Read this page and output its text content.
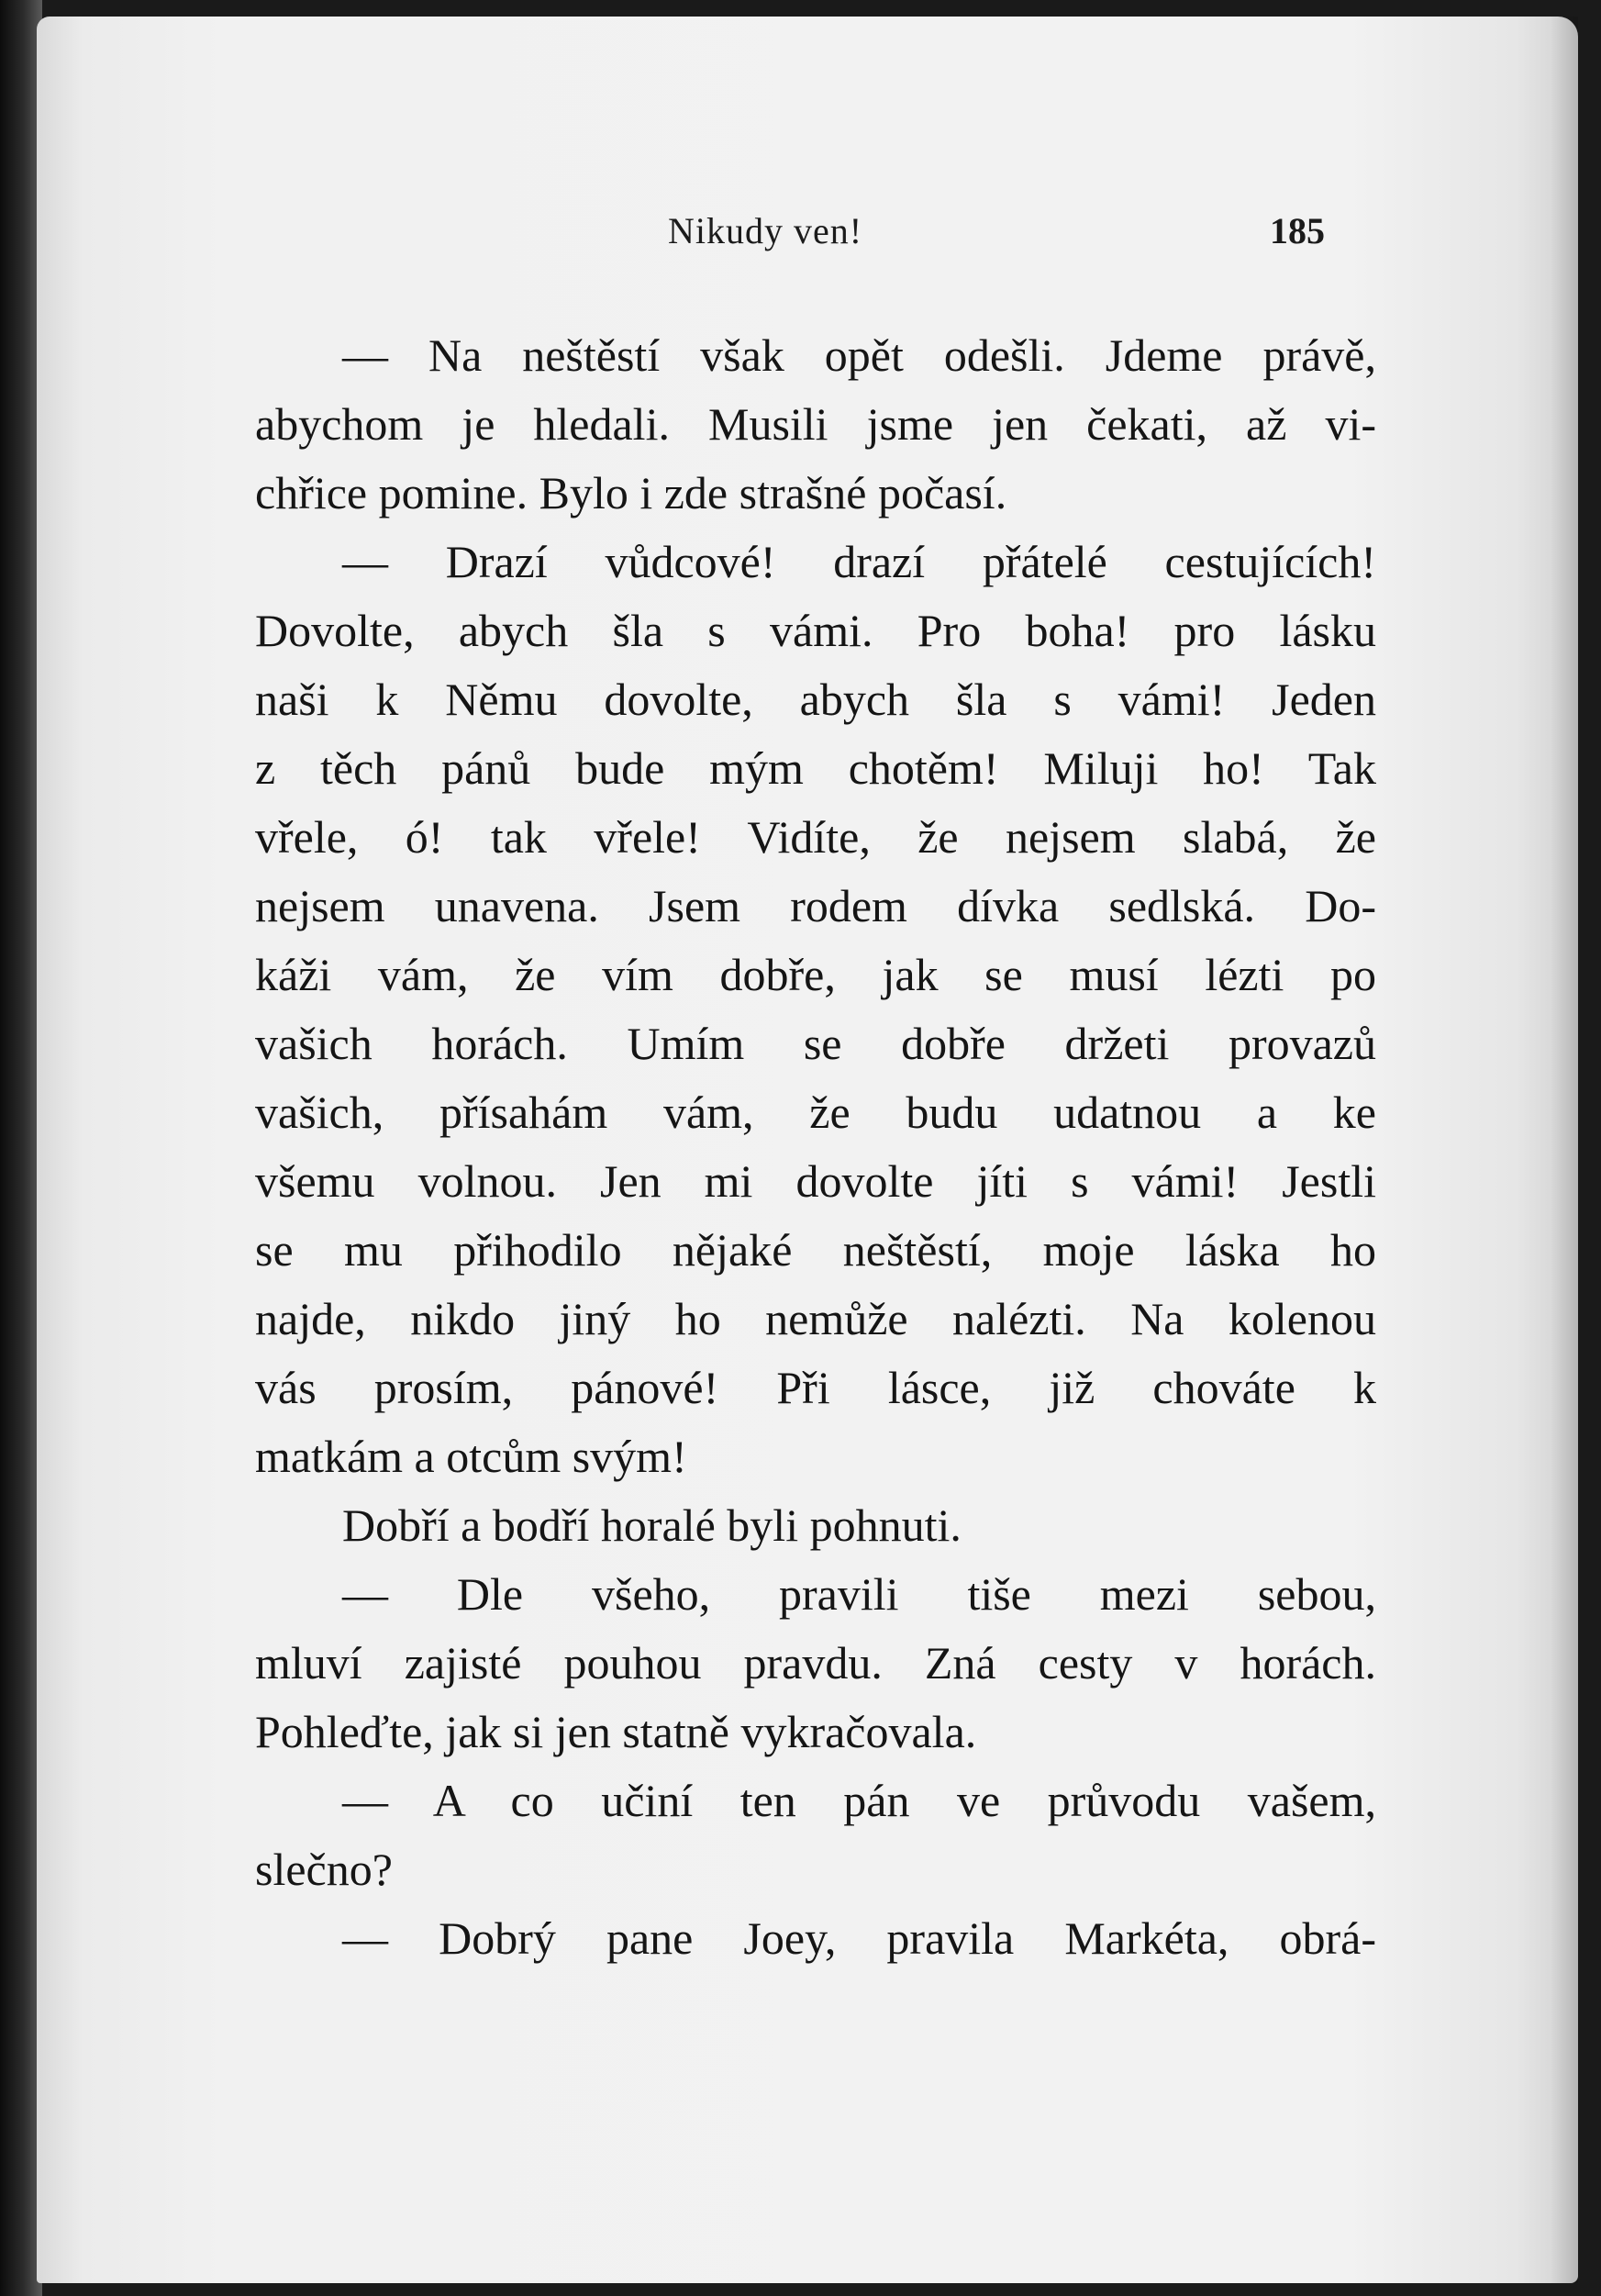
Nikudy ven!	185
— Na neštěstí však opět odešli. Jdeme právě,
abychom je hledali. Musili jsme jen čekati, až vi-
chřice pomine. Bylo i zde strašné počasí.
— Drazí vůdcové! drazí přátelé cestujících!
Dovolte, abych šla s vámi. Pro boha! pro lásku
naši k Němu dovolte, abych šla s vámi! Jeden
z těch pánů bude mým chotěm! Miluji ho! Tak
vřele, ó! tak vřele! Vidíte, že nejsem slabá, že
nejsem unavena. Jsem rodem dívka sedlská. Do-
káži vám, že vím dobře, jak se musí lézti po
vašich horách. Umím se dobře držeti provazů
vašich, přísahám vám, že budu udatnou a ke
všemu volnou. Jen mi dovolte jíti s vámi! Jestli
se mu přihodilo nějaké neštěstí, moje láska ho
najde, nikdo jiný ho nemůže nalézti. Na kolenou
vás prosím, pánové! Při lásce, již chováte k
matkám a otcům svým!
Dobří a bodří horalé byli pohnuti.
— Dle všeho, pravili tiše mezi sebou,
mluví zajisté pouhou pravdu. Zná cesty v horách.
Pohleďte, jak si jen statně vykračovala.
— A co učiní ten pán ve průvodu vašem,
slečno?
— Dobrý pane Joey, pravila Markéta, obrá-
